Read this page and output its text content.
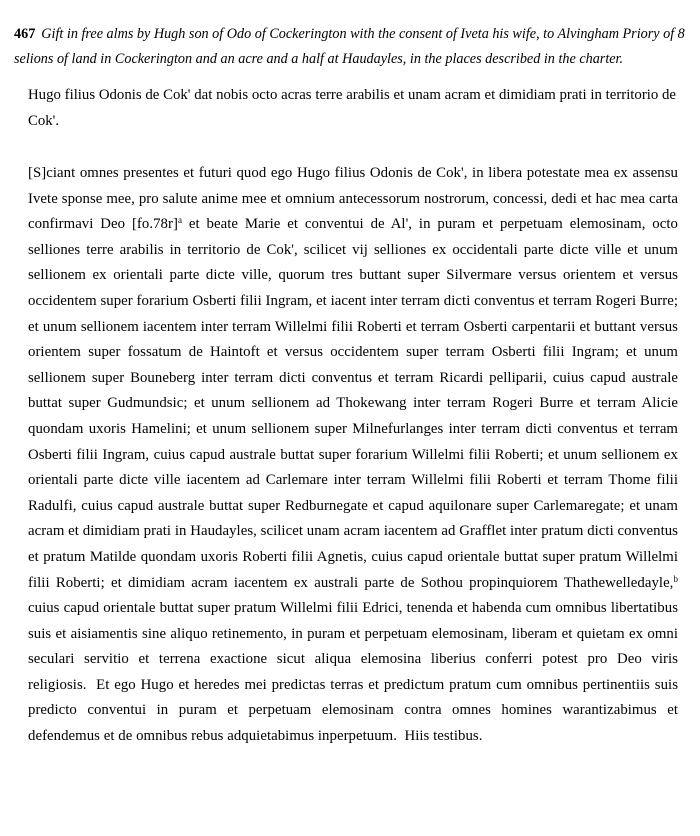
467 Gift in free alms by Hugh son of Odo of Cockerington with the consent of Iveta his wife, to Alvingham Priory of 8 selions of land in Cockerington and an acre and a half at Haudayles, in the places described in the charter.

Hugo filius Odonis de Cok' dat nobis octo acras terre arabilis et unam acram et dimidiam prati in territorio de Cok'.

[S]ciant omnes presentes et futuri quod ego Hugo filius Odonis de Cok', in libera potestate mea ex assensu Ivete sponse mee, pro salute anime mee et omnium antecessorum nostrorum, concessi, dedi et hac mea carta confirmavi Deo $[fo.78r]^a$ et beate Marie et conventui de Al', in puram et perpetuam elemosinam, octo selliones terre arabilis in territorio de Cok', scilicet vij selliones ex occidentali parte dicte ville et unum sellionem ex orientali parte dicte ville, quorum tres buttant super Silvermare versus orientem et versus occidentem super forarium Osberti filii Ingram, et iacent inter terram dicti conventus et terram Rogeri Burre; et unum sellionem iacentem inter terram Willelmi filii Roberti et terram Osberti carpentarii et buttant versus orientem super fossatum de Haintoft et versus occidentem super terram Osberti filii Ingram; et unum sellionem super Bouneberg inter terram dicti conventus et terram Ricardi pelliparii, cuius capud australe buttat super Gudmundsic; et unum sellionem ad Thokewang inter terram Rogeri Burre et terram Alicie quondam uxoris Hamelini; et unum sellionem super Milnefurlanges inter terram dicti conventus et terram Osberti filii Ingram, cuius capud australe buttat super forarium Willelmi filii Roberti; et unum sellionem ex orientali parte dicte ville iacentem ad Carlemare inter terram Willelmi filii Roberti et terram Thome filii Radulfi, cuius capud australe buttat super Redburnegate et capud aquilonare super Carlemaregate; et unam acram et dimidiam prati in Haudayles, scilicet unam acram iacentem ad Grafflet inter pratum dicti conventus et pratum Matilde quondam uxoris Roberti filii Agnetis, cuius capud orientale buttat super pratum Willelmi filii Roberti; et dimidiam acram iacentem ex australi parte de Sothou propinquiorem Thathewelledayle,$^b$ cuius capud orientale buttat super pratum Willelmi filii Edrici, tenenda et habenda cum omnibus libertatibus suis et aisiamentis sine aliquo retinemento, in puram et perpetuam elemosinam, liberam et quietam ex omni seculari servitio et terrena exactione sicut aliqua elemosina liberius conferri potest pro Deo viris religiosis.  Et ego Hugo et heredes mei predictas terras et predictum pratum cum omnibus pertinentiis suis predicto conventui in puram et perpetuam elemosinam contra omnes homines warantizabimus et defendemus et de omnibus rebus adquietabimus inperpetuum.  Hiis testibus.
